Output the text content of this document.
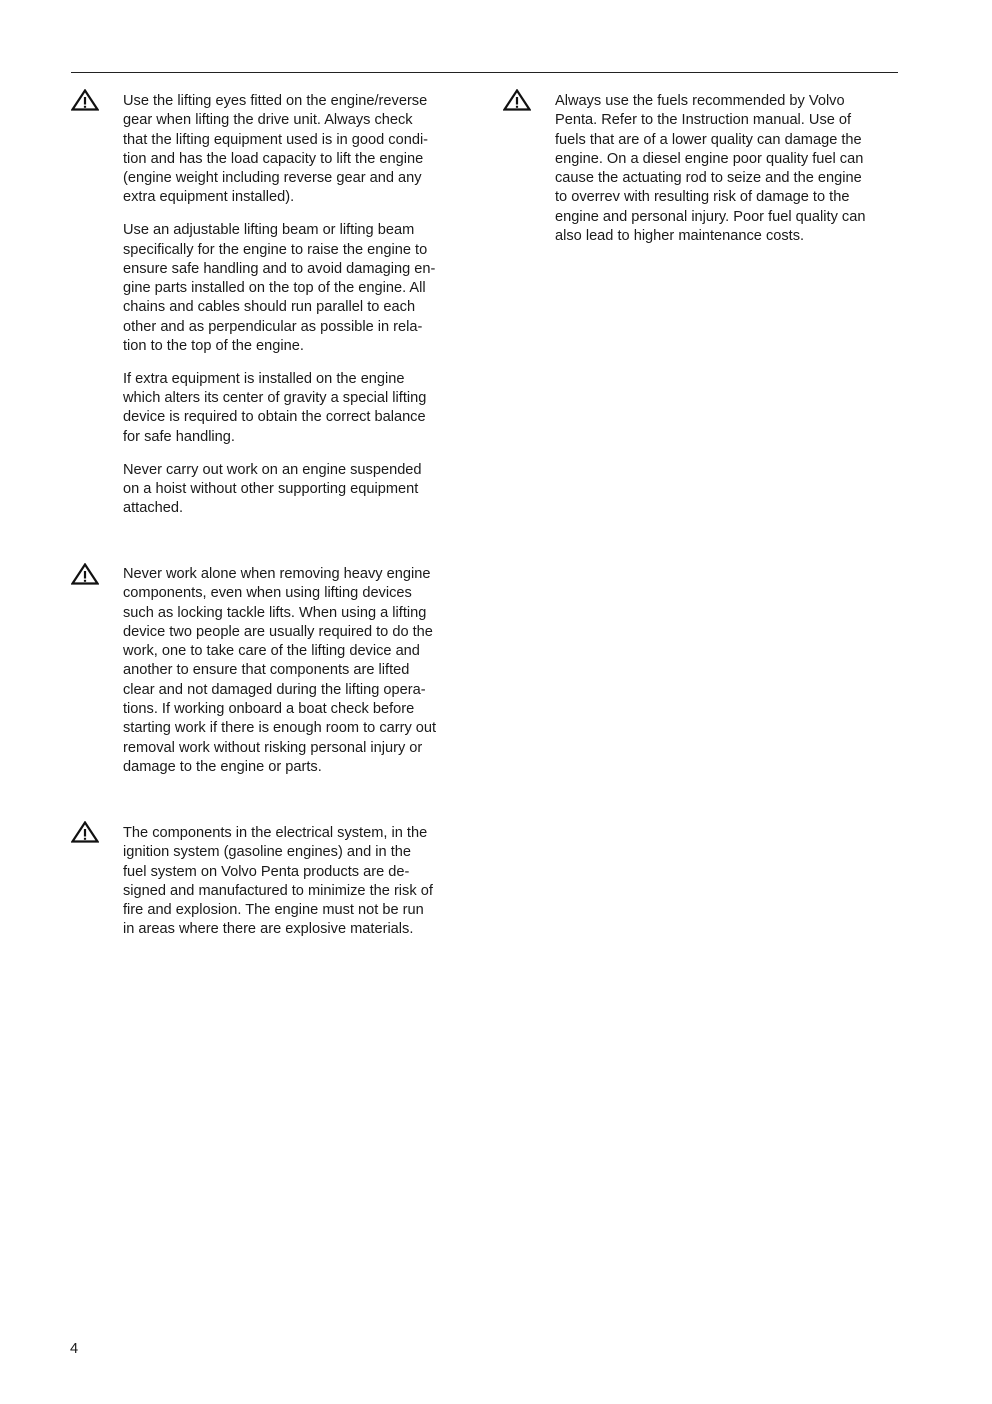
Use the lifting eyes fitted on the engine/reverse
gear when lifting the drive unit. Always check
that the lifting equipment used is in good condi-
tion and has the load capacity to lift the engine
(engine weight including reverse gear and any
extra equipment installed).

Use an adjustable lifting beam or lifting beam
specifically for the engine to raise the engine to
ensure safe handling and to avoid damaging en-
gine parts installed on the top of the engine. All
chains and cables should run parallel to each
other and as perpendicular as possible in rela-
tion to the top of the engine.

If extra equipment is installed on the engine
which alters its center of gravity a special lifting
device is required to obtain the correct balance
for safe handling.

Never carry out work on an engine suspended
on a hoist without other supporting equipment
attached.

Never work alone when removing heavy engine
components, even when using lifting devices
such as locking tackle lifts. When using a lifting
device two people are usually required to do the
work, one to take care of the lifting device and
another to ensure that components are lifted
clear and not damaged during the lifting opera-
tions. If working onboard a boat check before
starting work if there is enough room to carry out
removal work without risking personal injury or
damage to the engine or parts.

The components in the electrical system, in the
ignition system (gasoline engines) and in the
fuel system on Volvo Penta products are de-
signed and manufactured to minimize the risk of
fire and explosion. The engine must not be run
in areas where there are explosive materials.

Always use the fuels recommended by Volvo
Penta. Refer to the Instruction manual. Use of
fuels that are of a lower quality can damage the
engine. On a diesel engine poor quality fuel can
cause the actuating rod to seize and the engine
to overrev with resulting risk of damage to the
engine and personal injury. Poor fuel quality can
also lead to higher maintenance costs.

4
